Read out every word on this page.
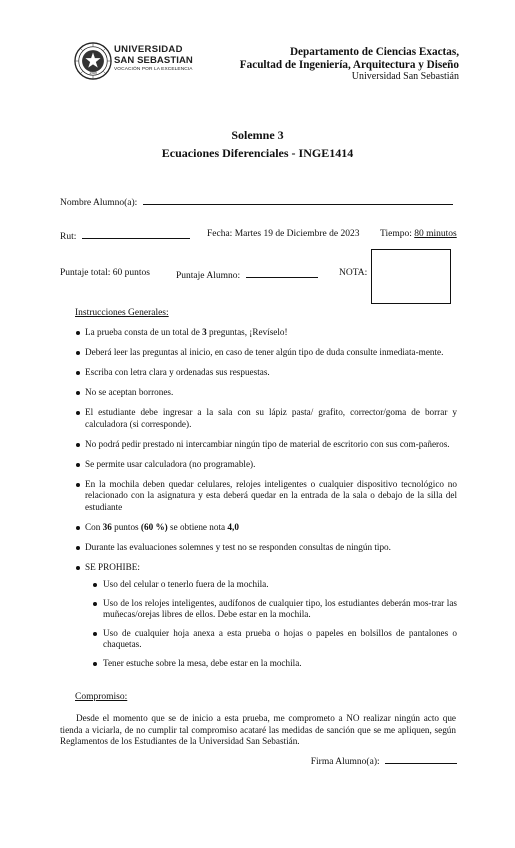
1989
UNIVERSIDAD
SAN SEBASTIAN
VOCACIÓN POR LA EXCELENCIA
Departamento de Ciencias Exactas,
Facultad de Ingeniería, Arquitectura y Diseño
Universidad San Sebastián
Solemne 3
Ecuaciones Diferenciales - INGE1414
Nombre Alumno(a):
Rut:	Fecha: Martes 19 de Diciembre de 2023 Tiempo: 80 minutos
Puntaje total: 60 puntos	Puntaje Alumno:	NOTA:
Instrucciones Generales:
La prueba consta de un total de 3 preguntas, ¡Revíselo!
Deberá leer las preguntas al inicio, en caso de tener algún tipo de duda consulte inmediata-mente.
Escriba con letra clara y ordenadas sus respuestas.
No se aceptan borrones.
El estudiante debe ingresar a la sala con su lápiz pasta/ grafito, corrector/goma de borrar y calculadora (si corresponde).
No podrá pedir prestado ni intercambiar ningún tipo de material de escritorio con sus com-pañeros.
Se permite usar calculadora (no programable).
En la mochila deben quedar celulares, relojes inteligentes o cualquier dispositivo tecnológico no relacionado con la asignatura y esta deberá quedar en la entrada de la sala o debajo de la silla del estudiante
Con 36 puntos (60 %) se obtiene nota 4,0
Durante las evaluaciones solemnes y test no se responden consultas de ningún tipo.
SE PROHIBE:
Uso del celular o tenerlo fuera de la mochila.
Uso de los relojes inteligentes, audífonos de cualquier tipo, los estudiantes deberán mos-trar las muñecas/orejas libres de ellos. Debe estar en la mochila.
Uso de cualquier hoja anexa a esta prueba o hojas o papeles en bolsillos de pantalones o chaquetas.
Tener estuche sobre la mesa, debe estar en la mochila.
Compromiso:
Desde el momento que se de inicio a esta prueba, me comprometo a NO realizar ningún acto que tienda a viciarla, de no cumplir tal compromiso acataré las medidas de sanción que se me apliquen, según Reglamentos de los Estudiantes de la Universidad San Sebastián.
Firma Alumno(a):
